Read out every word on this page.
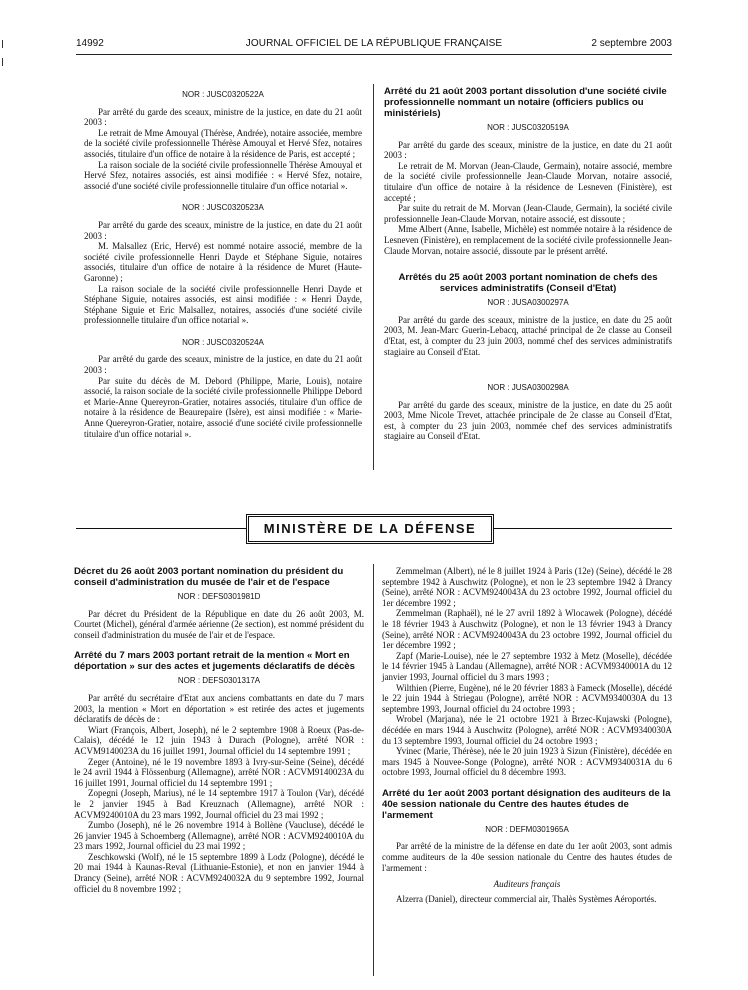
14992	JOURNAL OFFICIEL DE LA RÉPUBLIQUE FRANÇAISE	2 septembre 2003
NOR : JUSC0320522A

Par arrêté du garde des sceaux, ministre de la justice, en date du 21 août 2003 :

Le retrait de Mme Amouyal (Thérèse, Andrée), notaire associée, membre de la société civile professionnelle Thérèse Amouyal et Hervé Sfez, notaires associés, titulaire d'un office de notaire à la résidence de Paris, est accepté ;

La raison sociale de la société civile professionnelle Thérèse Amouyal et Hervé Sfez, notaires associés, est ainsi modifiée : « Hervé Sfez, notaire, associé d'une société civile professionnelle titulaire d'un office notarial ».

NOR : JUSC0320523A

Par arrêté du garde des sceaux, ministre de la justice, en date du 21 août 2003 :

M. Malsallez (Eric, Hervé) est nommé notaire associé, membre de la société civile professionnelle Henri Dayde et Stéphane Siguie, notaires associés, titulaire d'un office de notaire à la résidence de Muret (Haute-Garonne) ;

La raison sociale de la société civile professionnelle Henri Dayde et Stéphane Siguie, notaires associés, est ainsi modifiée : « Henri Dayde, Stéphane Siguie et Eric Malsallez, notaires, associés d'une société civile professionnelle titulaire d'un office notarial ».

NOR : JUSC0320524A

Par arrêté du garde des sceaux, ministre de la justice, en date du 21 août 2003 :

Par suite du décès de M. Debord (Philippe, Marie, Louis), notaire associé, la raison sociale de la société civile professionnelle Philippe Debord et Marie-Anne Quereyron-Gratier, notaires associés, titulaire d'un office de notaire à la résidence de Beaurepaire (Isère), est ainsi modifiée : « Marie-Anne Quereyron-Gratier, notaire, associé d'une société civile professionnelle titulaire d'un office notarial ».

Arrêté du 21 août 2003 portant dissolution d'une société civile professionnelle nommant un notaire (officiers publics ou ministériels)
NOR : JUSC0320519A

Par arrêté du garde des sceaux, ministre de la justice, en date du 21 août 2003 :

Le retrait de M. Morvan (Jean-Claude, Germain), notaire associé, membre de la société civile professionnelle Jean-Claude Morvan, notaire associé, titulaire d'un office de notaire à la résidence de Lesneven (Finistère), est accepté ;

Par suite du retrait de M. Morvan (Jean-Claude, Germain), la société civile professionnelle Jean-Claude Morvan, notaire associé, est dissoute ;

Mme Albert (Anne, Isabelle, Michèle) est nommée notaire à la résidence de Lesneven (Finistère), en remplacement de la société civile professionnelle Jean-Claude Morvan, notaire associé, dissoute par le présent arrêté.

Arrêtés du 25 août 2003 portant nomination de chefs des services administratifs (Conseil d'Etat)
NOR : JUSA0300297A

Par arrêté du garde des sceaux, ministre de la justice, en date du 25 août 2003, M. Jean-Marc Guerin-Lebacq, attaché principal de 2e classe au Conseil d'Etat, est, à compter du 23 juin 2003, nommé chef des services administratifs stagiaire au Conseil d'Etat.

NOR : JUSA0300298A

Par arrêté du garde des sceaux, ministre de la justice, en date du 25 août 2003, Mme Nicole Trevet, attachée principale de 2e classe au Conseil d'Etat, est, à compter du 23 juin 2003, nommée chef des services administratifs stagiaire au Conseil d'Etat.

MINISTÈRE DE LA DÉFENSE
Décret du 26 août 2003 portant nomination du président du conseil d'administration du musée de l'air et de l'espace
NOR : DEFS0301981D

Par décret du Président de la République en date du 26 août 2003, M. Courtet (Michel), général d'armée aérienne (2e section), est nommé président du conseil d'administration du musée de l'air et de l'espace.

Arrêté du 7 mars 2003 portant retrait de la mention « Mort en déportation » sur des actes et jugements déclaratifs de décès
NOR : DEFS0301317A

Par arrêté du secrétaire d'Etat aux anciens combattants en date du 7 mars 2003, la mention « Mort en déportation » est retirée des actes et jugements déclaratifs de décès de :

Wiart (François, Albert, Joseph), né le 2 septembre 1908 à Roeux (Pas-de-Calais), décédé le 12 juin 1943 à Durach (Pologne), arrêté NOR : ACVM9140023A du 16 juillet 1991, Journal officiel du 14 septembre 1991 ;

Zeger (Antoine), né le 19 novembre 1893 à Ivry-sur-Seine (Seine), décédé le 24 avril 1944 à Flössenburg (Allemagne), arrêté NOR : ACVM9140023A du 16 juillet 1991, Journal officiel du 14 septembre 1991 ;

Zopegni (Joseph, Marius), né le 14 septembre 1917 à Toulon (Var), décédé le 2 janvier 1945 à Bad Kreuznach (Allemagne), arrêté NOR : ACVM9240010A du 23 mars 1992, Journal officiel du 23 mai 1992 ;

Zumbo (Joseph), né le 26 novembre 1914 à Bollène (Vaucluse), décédé le 26 janvier 1945 à Schoemberg (Allemagne), arrêté NOR : ACVM9240010A du 23 mars 1992, Journal officiel du 23 mai 1992 ;

Zeschkowski (Wolf), né le 15 septembre 1899 à Lodz (Pologne), décédé le 20 mai 1944 à Kaunas-Reval (Lithuanie-Estonie), et non en janvier 1944 à Drancy (Seine), arrêté NOR : ACVM9240032A du 9 septembre 1992, Journal officiel du 8 novembre 1992 ;

Zemmelman (Albert), né le 8 juillet 1924 à Paris (12e) (Seine), décédé le 28 septembre 1942 à Auschwitz (Pologne), et non le 23 septembre 1942 à Drancy (Seine), arrêté NOR : ACVM9240043A du 23 octobre 1992, Journal officiel du 1er décembre 1992 ;

Zemmelman (Raphaël), né le 27 avril 1892 à Wlocawek (Pologne), décédé le 18 février 1943 à Auschwitz (Pologne), et non le 13 février 1943 à Drancy (Seine), arrêté NOR : ACVM9240043A du 23 octobre 1992, Journal officiel du 1er décembre 1992 ;

Zapf (Marie-Louise), née le 27 septembre 1932 à Metz (Moselle), décédée le 14 février 1945 à Landau (Allemagne), arrêté NOR : ACVM9340001A du 12 janvier 1993, Journal officiel du 3 mars 1993 ;

Wilthien (Pierre, Eugène), né le 20 février 1883 à Fameck (Moselle), décédé le 22 juin 1944 à Striegau (Pologne), arrêté NOR : ACVM9340030A du 13 septembre 1993, Journal officiel du 24 octobre 1993 ;

Wrobel (Marjana), née le 21 octobre 1921 à Brzec-Kujawski (Pologne), décédée en mars 1944 à Auschwitz (Pologne), arrêté NOR : ACVM9340030A du 13 septembre 1993, Journal officiel du 24 octobre 1993 ;

Yvinec (Marie, Thérèse), née le 20 juin 1923 à Sizun (Finistère), décédée en mars 1945 à Nouvee-Songe (Pologne), arrêté NOR : ACVM9340031A du 6 octobre 1993, Journal officiel du 8 décembre 1993.

Arrêté du 1er août 2003 portant désignation des auditeurs de la 40e session nationale du Centre des hautes études de l'armement
NOR : DEFM0301965A

Par arrêté de la ministre de la défense en date du 1er août 2003, sont admis comme auditeurs de la 40e session nationale du Centre des hautes études de l'armement :

Auditeurs français

Alzerra (Daniel), directeur commercial air, Thalès Systèmes Aéroportés.
